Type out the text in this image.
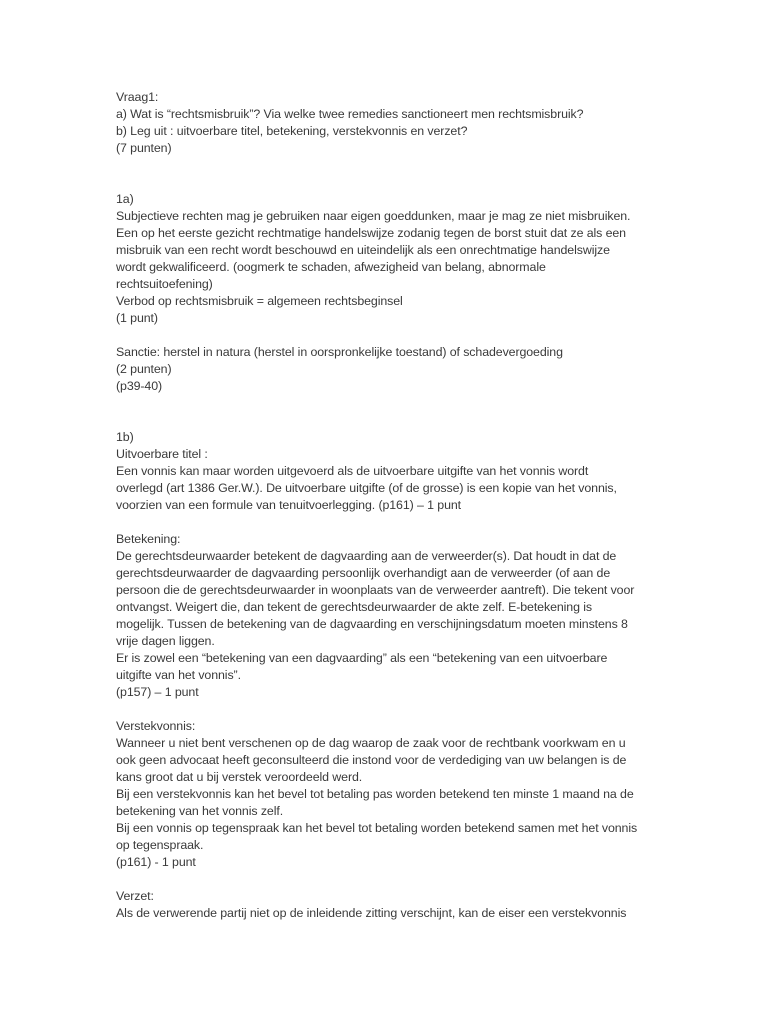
Vraag1:
a) Wat is “rechtsmisbruik”? Via welke twee remedies sanctioneert men rechtsmisbruik?
b) Leg uit : uitvoerbare titel, betekening, verstekvonnis en verzet?
(7 punten)
1a)
Subjectieve rechten mag je gebruiken naar eigen goeddunken, maar je mag ze niet misbruiken.
Een op het eerste gezicht rechtmatige handelswijze zodanig tegen de borst stuit dat ze als een
misbruik van een recht wordt beschouwd en uiteindelijk als een onrechtmatige handelswijze
wordt gekwalificeerd. (oogmerk te schaden, afwezigheid van belang, abnormale
rechtsuitoefening)
Verbod op rechtsmisbruik = algemeen rechtsbeginsel
(1 punt)
Sanctie: herstel in natura (herstel in oorspronkelijke toestand) of schadevergoeding
(2 punten)
(p39-40)
1b)
Uitvoerbare titel :
Een vonnis kan maar worden uitgevoerd als de uitvoerbare uitgifte van het vonnis wordt
overlegd (art 1386 Ger.W.). De uitvoerbare uitgifte (of de grosse) is een kopie van het vonnis,
voorzien van een formule van tenuitvoerlegging. (p161) – 1 punt
Betekening:
De gerechtsdeurwaarder betekent de dagvaarding aan de verweerder(s). Dat houdt in dat de
gerechtsdeurwaarder de dagvaarding persoonlijk overhandigt aan de verweerder (of aan de
persoon die de gerechtsdeurwaarder in woonplaats van de verweerder aantreft). Die tekent voor
ontvangst. Weigert die, dan tekent de gerechtsdeurwaarder de akte zelf. E-betekening is
mogelijk. Tussen de betekening van de dagvaarding en verschijningsdatum moeten minstens 8
vrije dagen liggen.
Er is zowel een “betekening van een dagvaarding” als een “betekening van een uitvoerbare
uitgifte van het vonnis”.
(p157) – 1 punt
Verstekvonnis:
Wanneer u niet bent verschenen op de dag waarop de zaak voor de rechtbank voorkwam en u
ook geen advocaat heeft geconsulteerd die instond voor de verdediging van uw belangen is de
kans groot dat u bij verstek veroordeeld werd.
Bij een verstekvonnis kan het bevel tot betaling pas worden betekend ten minste 1 maand na de
betekening van het vonnis zelf.
Bij een vonnis op tegenspraak kan het bevel tot betaling worden betekend samen met het vonnis
op tegenspraak.
(p161) - 1 punt
Verzet:
Als de verwerende partij niet op de inleidende zitting verschijnt, kan de eiser een verstekvonnis
